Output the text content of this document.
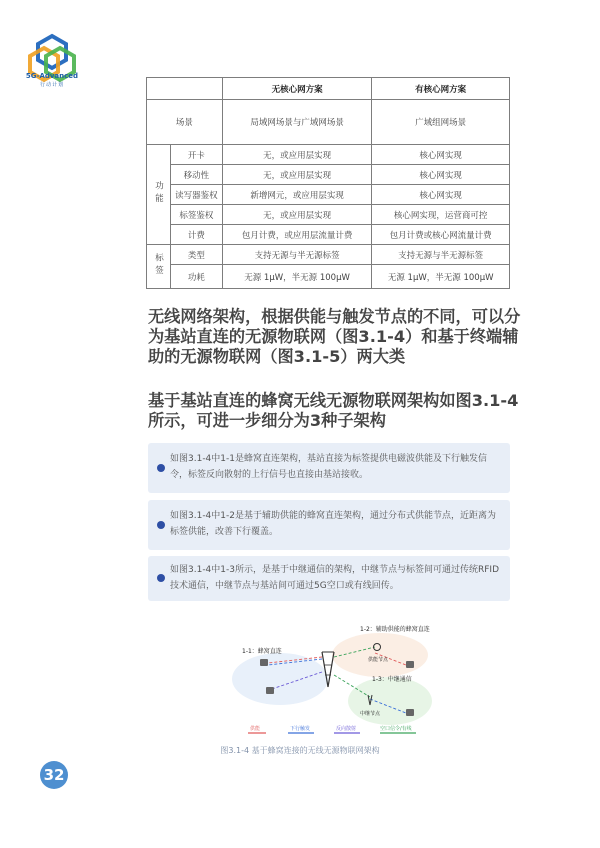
5G-Advanced
行动计划
		无核心网方案	有核心网方案
场景		局域网场景与广域网场景	广域组网场景
功能	开卡	无，或应用层实现	核心网实现
	移动性	无，或应用层实现	核心网实现
	读写器鉴权	新增网元，或应用层实现	核心网实现
	标签鉴权	无，或应用层实现	核心网实现，运营商可控
	计费	包月计费，或应用层流量计费	包月计费或核心网流量计费
标签	类型	支持无源与半无源标签	支持无源与半无源标签
	功耗	无源 1μW，半无源 100μW	无源 1μW，半无源 100μW
无线网络架构，根据供能与触发节点的不同，可以分为基站直连的无源物联网（图3.1-4）和基于终端辅助的无源物联网（图3.1-5）两大类
基于基站直连的蜂窝无线无源物联网架构如图3.1-4所示，可进一步细分为3种子架构
如图3.1-4中1-1是蜂窝直连架构，基站直接为标签提供电磁波供能及下行触发信令，标签反向散射的上行信号也直接由基站接收。
如图3.1-4中1-2是基于辅助供能的蜂窝直连架构，通过分布式供能节点，近距离为标签供能，改善下行覆盖。
如图3.1-4中1-3所示，是基于中继通信的架构，中继节点与标签间可通过传统RFID技术通信，中继节点与基站间可通过5G空口或有线回传。
1-1：蜂窝直连
1-2：辅助供能的蜂窝直连
1-3：中继通信
供能节点
中继节点
供能	下行触发	反向散射	空口信令/有线
图3.1-4 基于蜂窝连接的无线无源物联网架构
32
